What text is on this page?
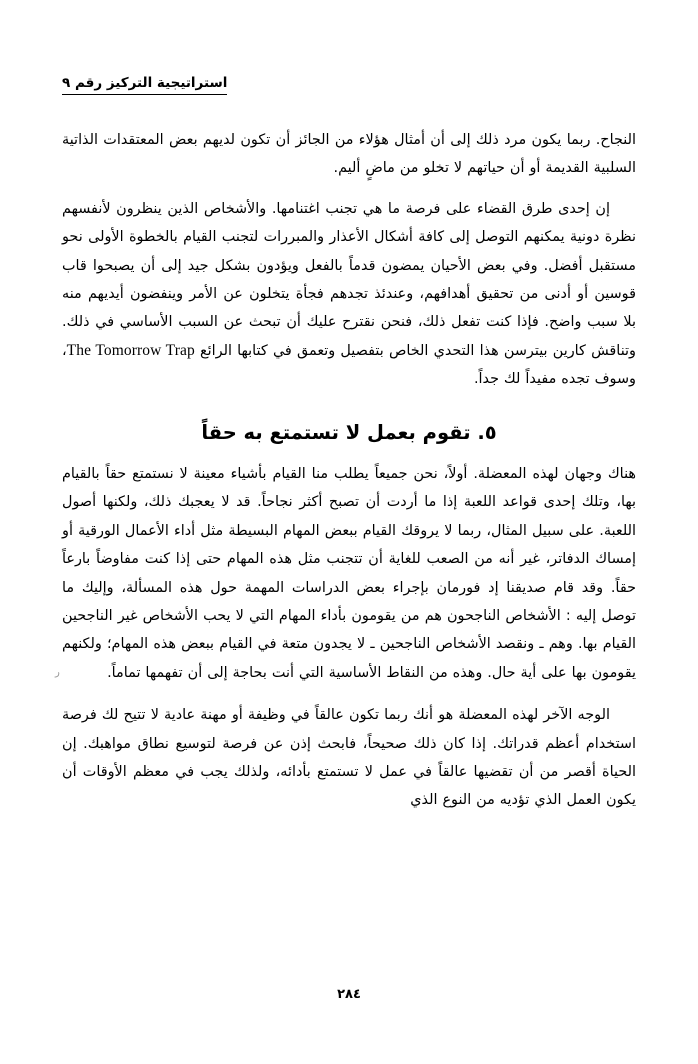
استراتيجية التركيز رقم ٩

النجاح. ربما يكون مرد ذلك إلى أن أمثال هؤلاء من الجائز أن تكون لديهم بعض المعتقدات الذاتية السلبية القديمة أو أن حياتهم لا تخلو من ماضٍ أليم.

إن إحدى طرق القضاء على فرصة ما هي تجنب اغتنامها. والأشخاص الذين ينظرون لأنفسهم نظرة دونية يمكنهم التوصل إلى كافة أشكال الأعذار والمبررات لتجنب القيام بالخطوة الأولى نحو مستقبل أفضل. وفي بعض الأحيان يمضون قدماً بالفعل ويؤدون بشكل جيد إلى أن يصبحوا قاب قوسين أو أدنى من تحقيق أهدافهم، وعندئذ تجدهم فجأة يتخلون عن الأمر وينفضون أيديهم منه بلا سبب واضح. فإذا كنت تفعل ذلك، فنحن نقترح عليك أن تبحث عن السبب الأساسي في ذلك. وتناقش كارين بيترسن هذا التحدي الخاص بتفصيل وتعمق في كتابها الرائع The Tomorrow Trap، وسوف تجده مفيداً لك جداً.

٥. تقوم بعمل لا تستمتع به حقاً

هناك وجهان لهذه المعضلة. أولاً، نحن جميعاً يطلب منا القيام بأشياء معينة لا نستمتع حقاً بالقيام بها، وتلك إحدى قواعد اللعبة إذا ما أردت أن تصبح أكثر نجاحاً. قد لا يعجبك ذلك، ولكنها أصول اللعبة. على سبيل المثال، ربما لا يروقك القيام ببعض المهام البسيطة مثل أداء الأعمال الورقية أو إمساك الدفاتر، غير أنه من الصعب للغاية أن تتجنب مثل هذه المهام حتى إذا كنت مفاوضاً بارعاً حقاً. وقد قام صديقنا إد فورمان بإجراء بعض الدراسات المهمة حول هذه المسألة، وإليك ما توصل إليه : الأشخاص الناجحون هم من يقومون بأداء المهام التي لا يحب الأشخاص غير الناجحين القيام بها. وهم ـ ونقصد الأشخاص الناجحين ـ لا يجدون متعة في القيام ببعض هذه المهام؛ ولكنهم يقومون بها على أية حال. وهذه من النقاط الأساسية التي أنت بحاجة إلى أن تفهمها تماماً.

الوجه الآخر لهذه المعضلة هو أنك ربما تكون عالقاً في وظيفة أو مهنة عادية لا تتيح لك فرصة استخدام أعظم قدراتك. إذا كان ذلك صحيحاً، فابحث إذن عن فرصة لتوسيع نطاق مواهبك. إن الحياة أقصر من أن تقضيها عالقاً في عمل لا تستمتع بأدائه، ولذلك يجب في معظم الأوقات أن يكون العمل الذي تؤديه من النوع الذي

ر
٢٨٤
